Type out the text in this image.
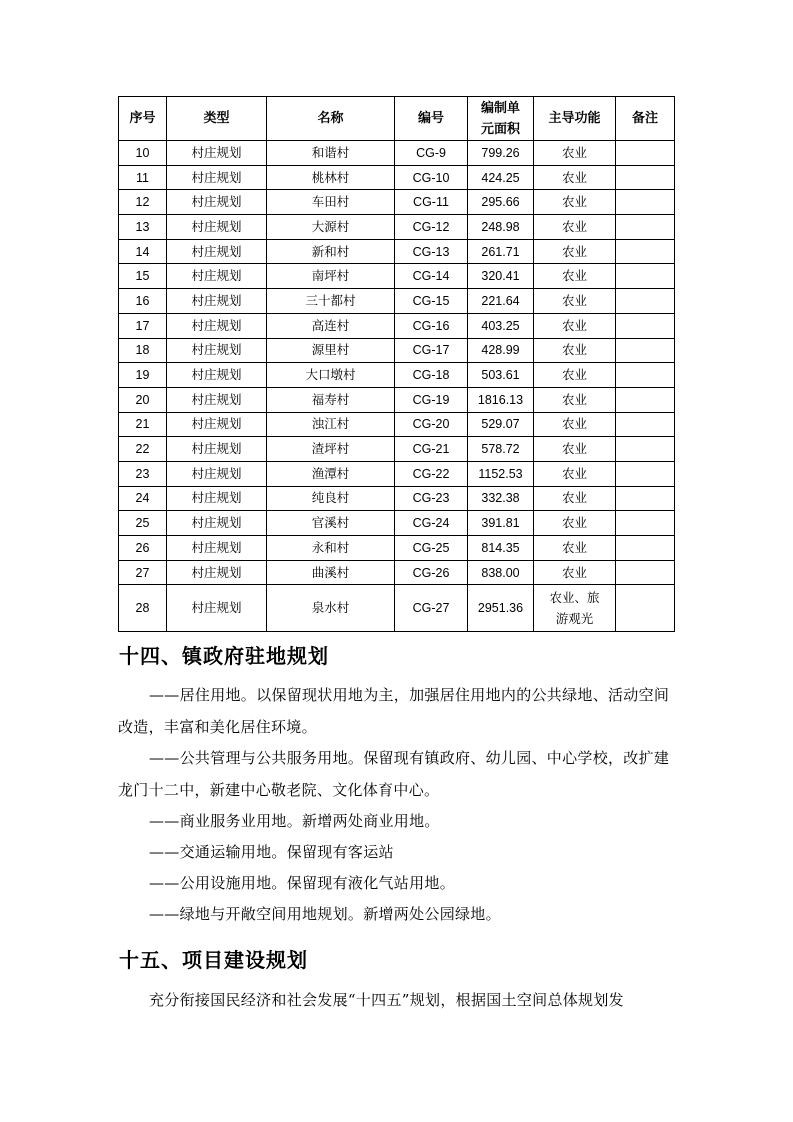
序号	类型	名称	编号	编制单元面积	主导功能	备注
10	村庄规划	和谐村	CG-9	799.26	农业	
11	村庄规划	桃林村	CG-10	424.25	农业	
12	村庄规划	车田村	CG-11	295.66	农业	
13	村庄规划	大源村	CG-12	248.98	农业	
14	村庄规划	新和村	CG-13	261.71	农业	
15	村庄规划	南坪村	CG-14	320.41	农业	
16	村庄规划	三十都村	CG-15	221.64	农业	
17	村庄规划	高连村	CG-16	403.25	农业	
18	村庄规划	源里村	CG-17	428.99	农业	
19	村庄规划	大口墩村	CG-18	503.61	农业	
20	村庄规划	福寿村	CG-19	1816.13	农业	
21	村庄规划	浊江村	CG-20	529.07	农业	
22	村庄规划	渣坪村	CG-21	578.72	农业	
23	村庄规划	渔潭村	CG-22	1152.53	农业	
24	村庄规划	纯良村	CG-23	332.38	农业	
25	村庄规划	官溪村	CG-24	391.81	农业	
26	村庄规划	永和村	CG-25	814.35	农业	
27	村庄规划	曲溪村	CG-26	838.00	农业	
28	村庄规划	泉水村	CG-27	2951.36	农业、旅游观光	
十四、镇政府驻地规划

——居住用地。以保留现状用地为主，加强居住用地内的公共绿地、活动空间改造，丰富和美化居住环境。

——公共管理与公共服务用地。保留现有镇政府、幼儿园、中心学校，改扩建龙门十二中，新建中心敬老院、文化体育中心。

——商业服务业用地。新增两处商业用地。

——交通运输用地。保留现有客运站

——公用设施用地。保留现有液化气站用地。

——绿地与开敞空间用地规划。新增两处公园绿地。

十五、项目建设规划

充分衔接国民经济和社会发展“十四五”规划，根据国土空间总体规划发
